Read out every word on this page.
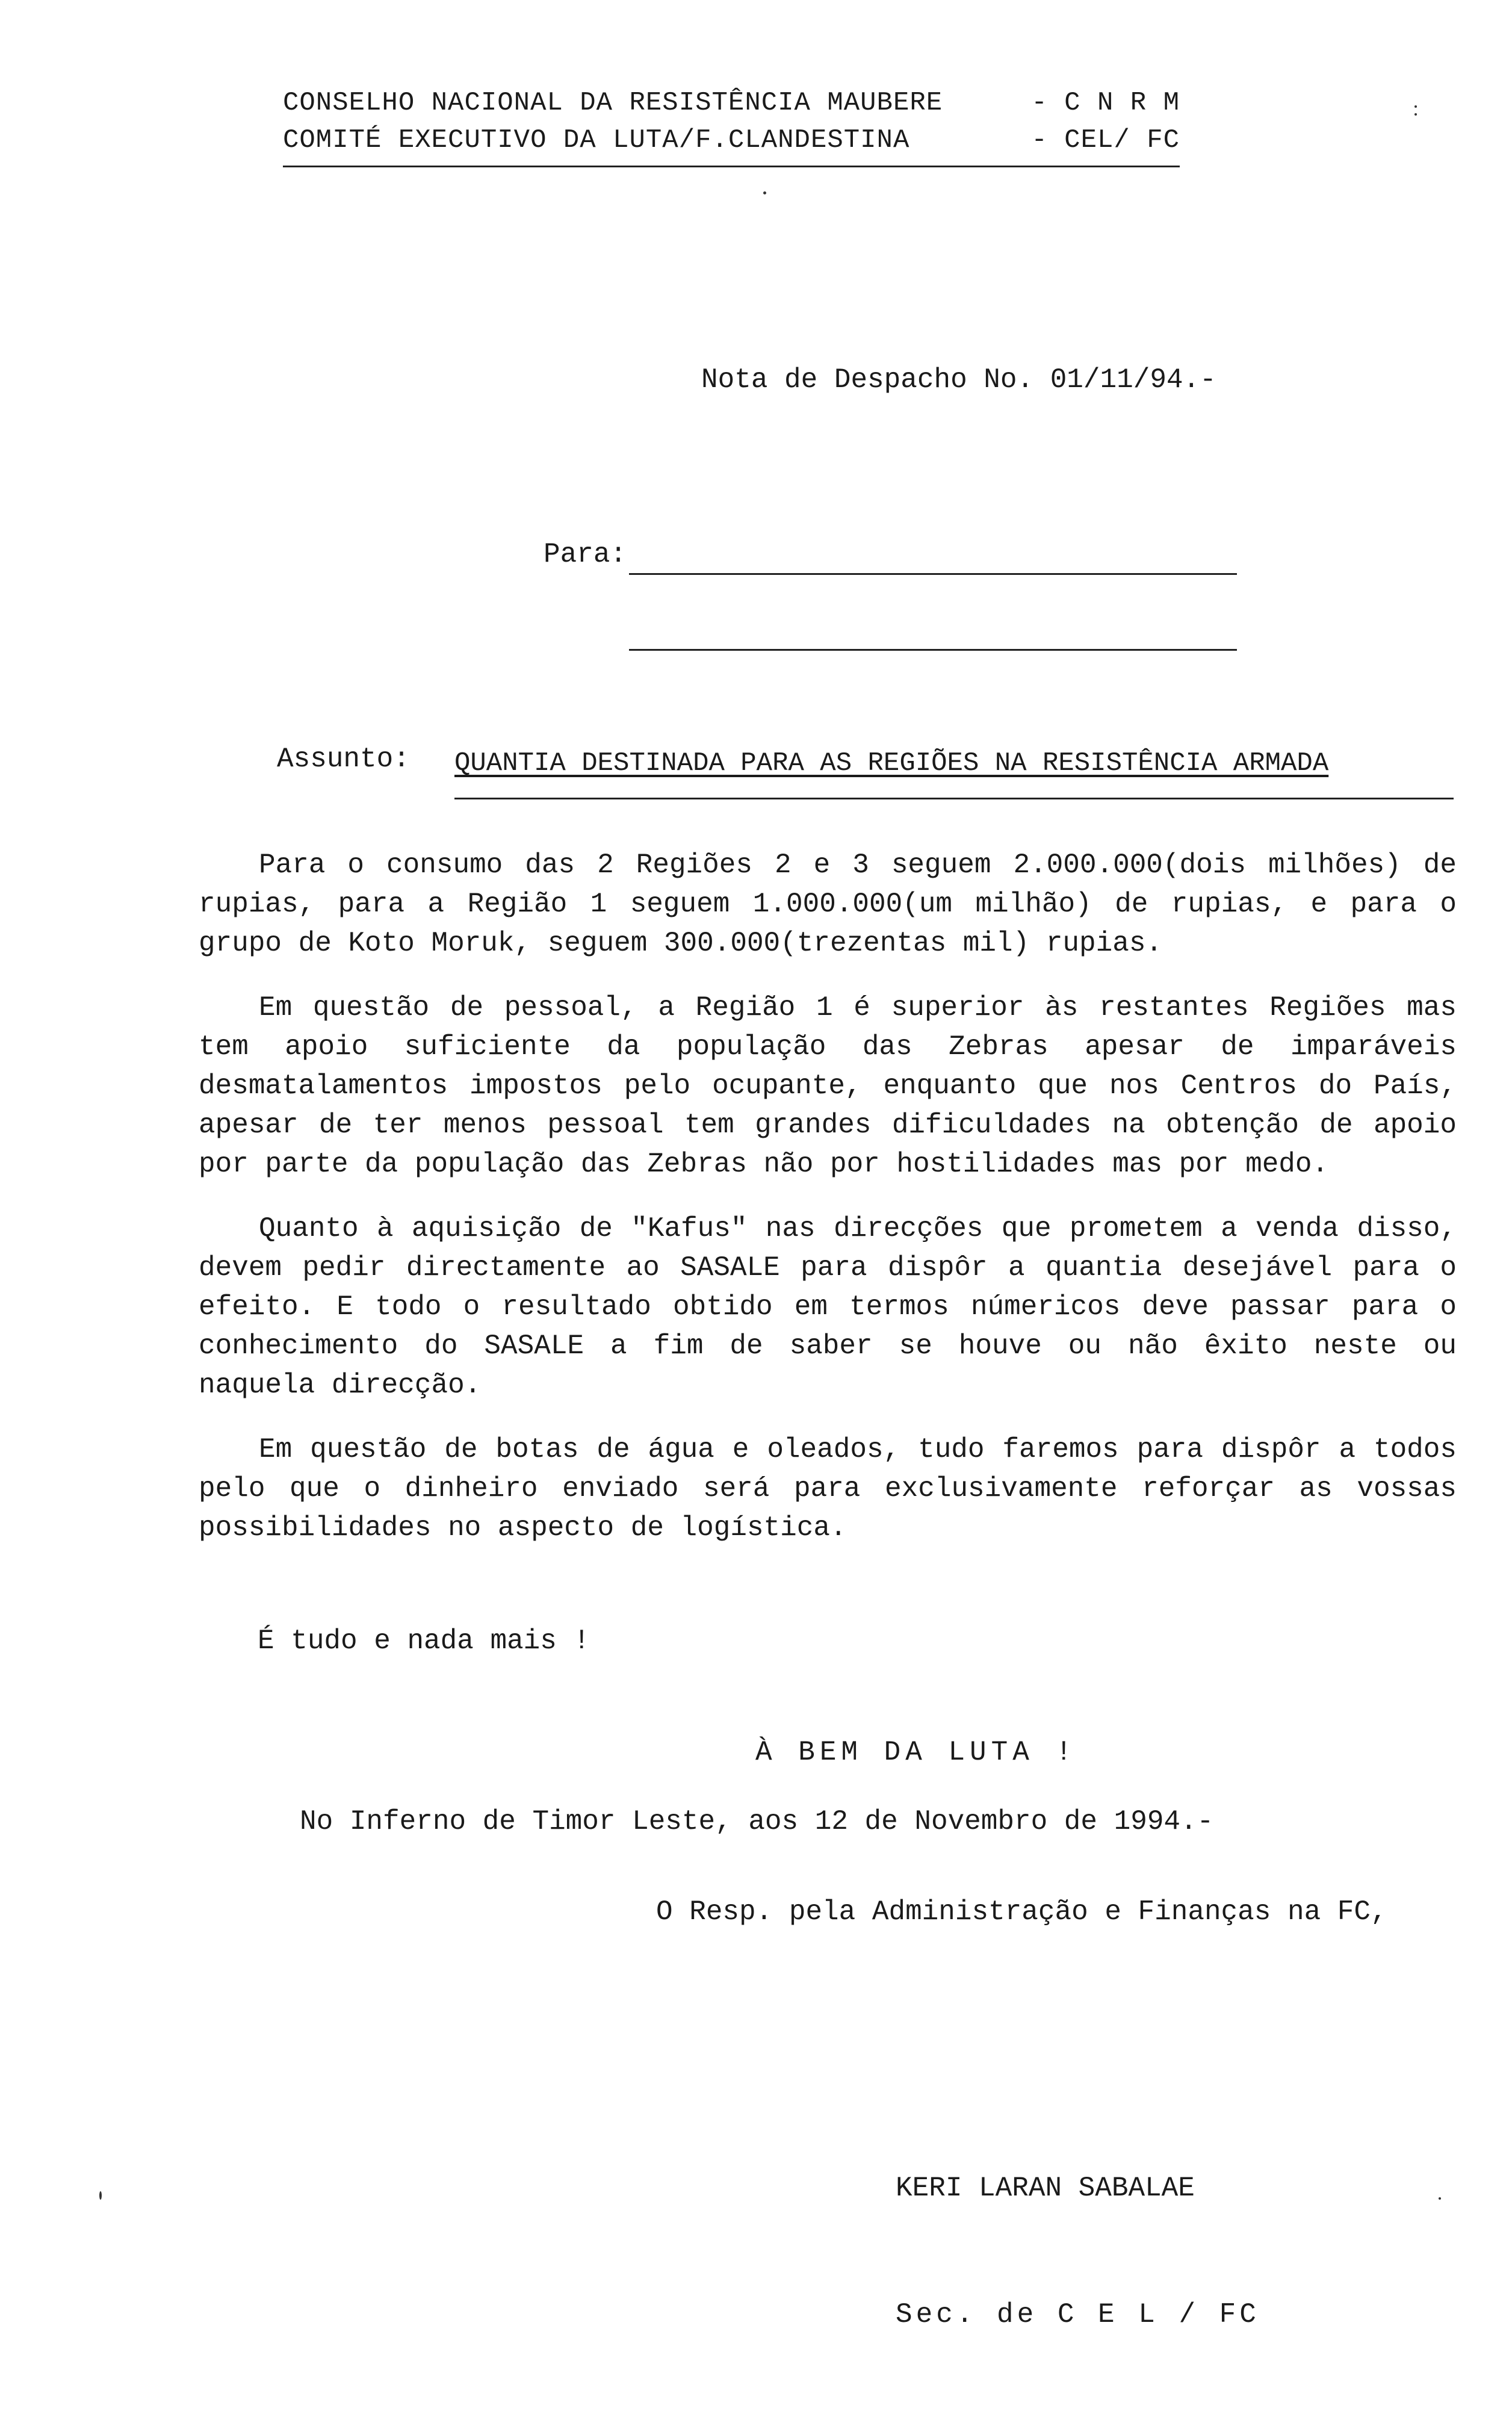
CONSELHO NACIONAL DA RESISTÊNCIA MAUBERE	- C N R M
COMITÉ EXECUTIVO DA LUTA/F.CLANDESTINA	- CEL/ FC
Nota de Despacho No. 01/11/94.-
Para:
Assunto: QUANTIA DESTINADA PARA AS REGIÕES NA RESISTÊNCIA ARMADA

Para o consumo das 2 Regiões 2 e 3 seguem 2.000.000(dois milhões) de rupias, para a Região 1 seguem 1.000.000(um milhão) de rupias, e para o grupo de Koto Moruk, seguem 300.000(trezentas mil) rupias.

Em questão de pessoal, a Região 1 é superior às restantes Regiões mas tem apoio suficiente da população das Zebras apesar de imparáveis desmatalamentos impostos pelo ocupante, enquanto que nos Centros do País, apesar de ter menos pessoal tem grandes dificuldades na obtenção de apoio por parte da população das Zebras não por hostilidades mas por medo.

Quanto à aquisição de "Kafus" nas direcções que prometem a venda disso, devem pedir directamente ao SASALE para dispôr a quantia desejável para o efeito. E todo o resultado obtido em termos númericos deve passar para o conhecimento do SASALE a fim de saber se houve ou não êxito neste ou naquela direcção.

Em questão de botas de água e oleados, tudo faremos para dispôr a todos pelo que o dinheiro enviado será para exclusivamente reforçar as vossas possibilidades no aspecto de logística.

É tudo e nada mais !
À BEM DA LUTA !
No Inferno de Timor Leste, aos 12 de Novembro de 1994.-
O Resp. pela Administração e Finanças na FC,

KERI LARAN SABALAE

Sec. de C E L / FC
